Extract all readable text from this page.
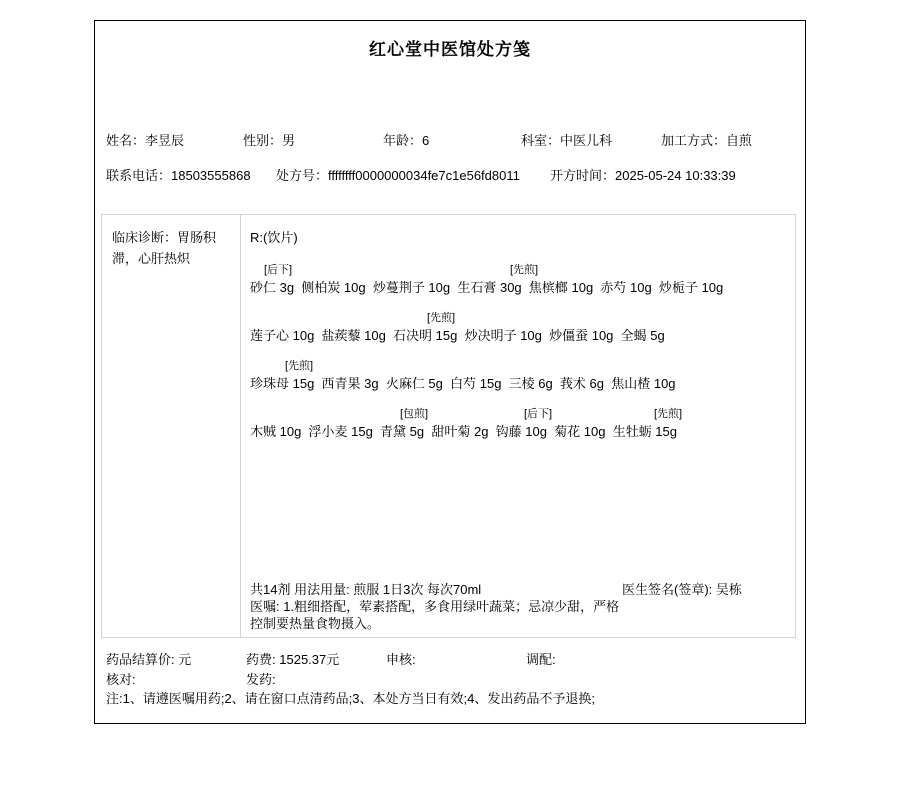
红心堂中医馆处方笺
姓名：李昱辰	性别：男	年龄：6	科室：中医儿科	加工方式：自煎
联系电话：18503555868 处方号：ffffffff0000000034fe7c1e56fd8011 开方时间：2025-05-24 10:33:39
临床诊断：胃肠积滞，心肝热炽
R:(饮片)
[后下]	[先煎]
砂仁 3g  侧柏炭 10g  炒蔓荆子 10g  生石膏 30g  焦槟榔 10g  赤芍 10g  炒栀子 10g
[先煎]
莲子心 10g  盐蒺藜 10g  石决明 15g  炒决明子 10g  炒僵蚕 10g  全蝎 5g
[先煎]
珍珠母 15g  西青果 3g  火麻仁 5g  白芍 15g  三棱 6g  莪术 6g  焦山楂 10g
[包煎]	[后下]	[先煎]
木贼 10g  浮小麦 15g  青黛 5g  甜叶菊 2g  钩藤 10g  菊花 10g  生牡蛎 15g
共14剂 用法用量: 煎服 1日3次 每次70ml	医生签名(签章): 吴栋
医嘱: 1.粗细搭配，荤素搭配，多食用绿叶蔬菜；忌凉少甜，严格
控制要热量食物摄入。
药品结算价: 元	药费: 1525.37元	申核:	调配:
核对:	发药:
注:1、请遵医嘱用药;2、请在窗口点清药品;3、本处方当日有效;4、发出药品不予退换;
